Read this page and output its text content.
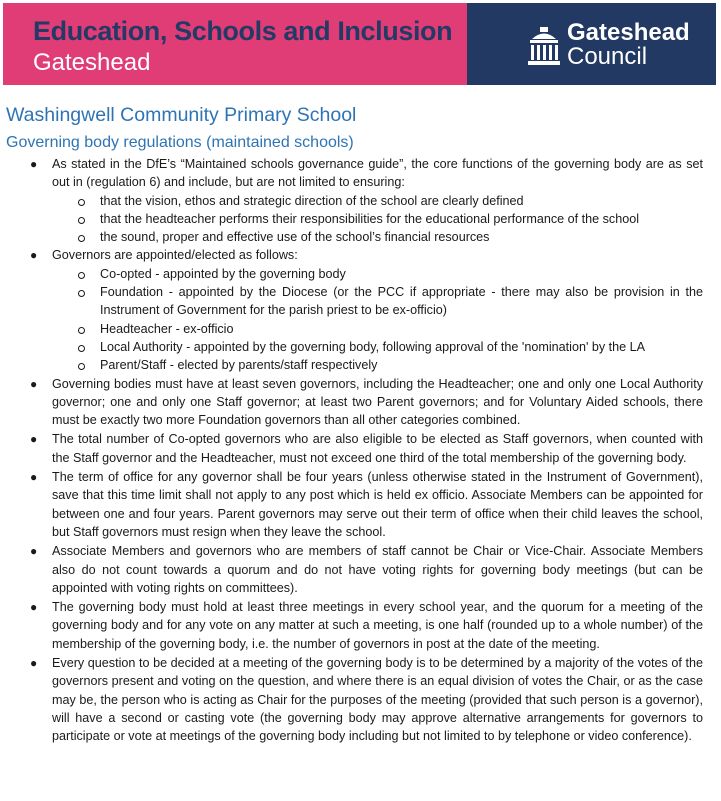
Education, Schools and Inclusion
Gateshead
Gateshead
Council
Washingwell Community Primary School
Governing body regulations (maintained schools)
● As stated in the DfE’s “Maintained schools governance guide”, the core functions of the governing body are as set out in (regulation 6) and include, but are not limited to ensuring:
that the vision, ethos and strategic direction of the school are clearly defined
that the headteacher performs their responsibilities for the educational performance of the school
the sound, proper and effective use of the school’s financial resources
● Governors are appointed/elected as follows:
Co-opted - appointed by the governing body
Foundation - appointed by the Diocese (or the PCC if appropriate - there may also be provision in the Instrument of Government for the parish priest to be ex-officio)
Headteacher - ex-officio
Local Authority - appointed by the governing body, following approval of the 'nomination' by the LA
Parent/Staff - elected by parents/staff respectively
● Governing bodies must have at least seven governors, including the Headteacher; one and only one Local Authority governor; one and only one Staff governor; at least two Parent governors; and for Voluntary Aided schools, there must be exactly two more Foundation governors than all other categories combined.
● The total number of Co-opted governors who are also eligible to be elected as Staff governors, when counted with the Staff governor and the Headteacher, must not exceed one third of the total membership of the governing body.
● The term of office for any governor shall be four years (unless otherwise stated in the Instrument of Government), save that this time limit shall not apply to any post which is held ex officio. Associate Members can be appointed for between one and four years. Parent governors may serve out their term of office when their child leaves the school, but Staff governors must resign when they leave the school.
● Associate Members and governors who are members of staff cannot be Chair or Vice-Chair. Associate Members also do not count towards a quorum and do not have voting rights for governing body meetings (but can be appointed with voting rights on committees).
● The governing body must hold at least three meetings in every school year, and the quorum for a meeting of the governing body and for any vote on any matter at such a meeting, is one half (rounded up to a whole number) of the membership of the governing body, i.e. the number of governors in post at the date of the meeting.
● Every question to be decided at a meeting of the governing body is to be determined by a majority of the votes of the governors present and voting on the question, and where there is an equal division of votes the Chair, or as the case may be, the person who is acting as Chair for the purposes of the meeting (provided that such person is a governor), will have a second or casting vote (the governing body may approve alternative arrangements for governors to participate or vote at meetings of the governing body including but not limited to by telephone or video conference).
